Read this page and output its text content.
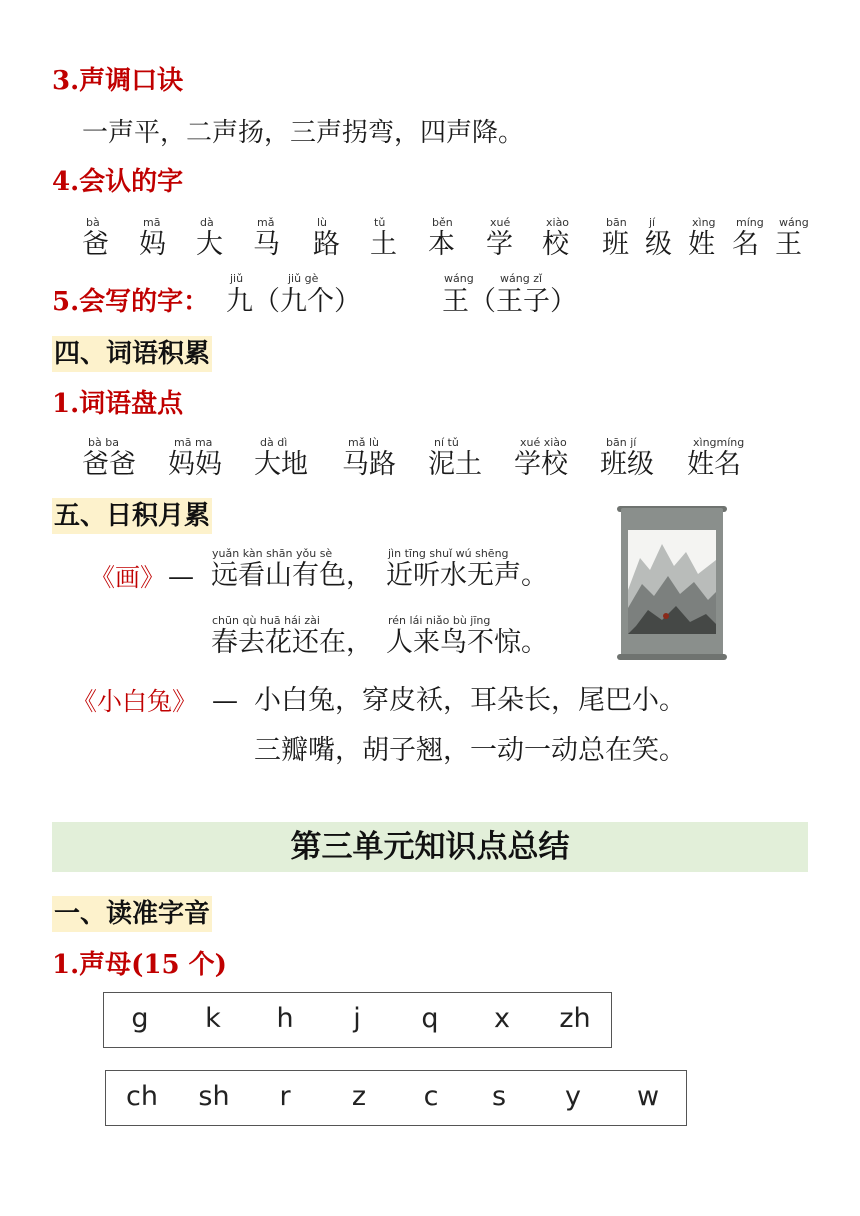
3.声调口诀
一声平，二声扬，三声拐弯，四声降。
4.会认的字
bà
爸
mā
妈
dà
大
mǎ
马
lù
路
tǔ
土
běn
本
xué
学
xiào
校
bān
班
jí
级
xìng
姓
míng
名
wáng
王
5.会写的字：
jiǔ	jiǔ gè
九（九个）
wáng wáng zǐ
王（王子）
四、词语积累
1.词语盘点
bà ba
爸爸
mā ma
妈妈
dà dì
大地
mǎ lù
马路
ní tǔ
泥土
xué xiào
学校
bān jí
班级
xìngmíng
姓名
五、日积月累
《画》 —
yuǎn kàn shān yǒu sè
远看山有色，
jìn tīng shuǐ wú shēng
近听水无声。
chūn qù huā hái zài
春去花还在，
rén lái niǎo bù jīng
人来鸟不惊。
《小白兔》 — 小白兔，穿皮袄，耳朵长，尾巴小。
三瓣嘴，胡子翘，一动一动总在笑。
第三单元知识点总结
一、读准字音
1.声母(15 个)
g	k	h	j	q	x	zh
ch	sh	r	z	c	s	y	w
